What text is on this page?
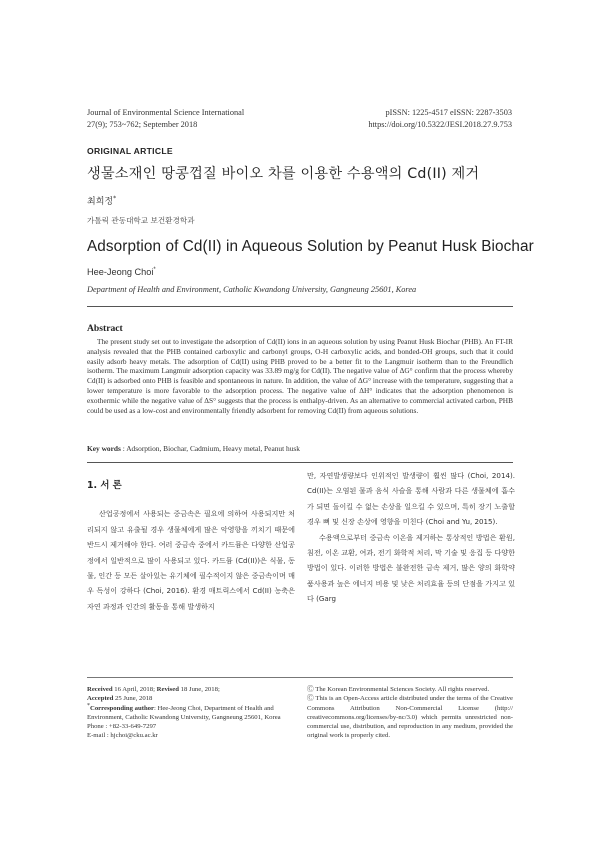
Journal of Environmental Science International
27(9); 753~762; September 2018
pISSN: 1225-4517 eISSN: 2287-3503
https://doi.org/10.5322/JESI.2018.27.9.753
ORIGINAL ARTICLE
생물소재인 땅콩껍질 바이오 차를 이용한 수용액의 Cd(II) 제거
최희정*
가톨릭 관동대학교 보건환경학과
Adsorption of Cd(II) in Aqueous Solution by Peanut Husk Biochar
Hee-Jeong Choi*
Department of Health and Environment, Catholic Kwandong University, Gangneung 25601, Korea
Abstract
The present study set out to investigate the adsorption of Cd(II) ions in an aqueous solution by using Peanut Husk Biochar (PHB). An FT-IR analysis revealed that the PHB contained carboxylic and carbonyl groups, O-H carboxylic acids, and bonded-OH groups, such that it could easily adsorb heavy metals. The adsorption of Cd(II) using PHB proved to be a better fit to the Langmuir isotherm than to the Freundlich isotherm. The maximum Langmuir adsorption capacity was 33.89 mg/g for Cd(II). The negative value of ΔG° confirm that the process whereby Cd(II) is adsorbed onto PHB is feasible and spontaneous in nature. In addition, the value of ΔG° increase with the temperature, suggesting that a lower temperature is more favorable to the adsorption process. The negative value of ΔH° indicates that the adsorption phenomenon is exothermic while the negative value of ΔS° suggests that the process is enthalpy-driven. As an alternative to commercial activated carbon, PHB could be used as a low-cost and environmentally friendly adsorbent for removing Cd(II) from aqueous solutions.
Key words : Adsorption, Biochar, Cadmium, Heavy metal, Peanut husk
1. 서 론
산업공정에서 사용되는 중금속은 필요에 의하여 사용되지만 처리되지 않고 유출될 경우 생물체에게 많은 악영향을 끼치기 때문에 반드시 제거해야 한다. 여러 중금속 중에서 카드뮴은 다양한 산업공정에서 일반적으로 많이 사용되고 있다. 카드뮴 (Cd(II))은 식물, 동물, 인간 등 모든 살아있는 유기체에 필수적이지 않은 중금속이며 매우 독성이 강하다 (Choi, 2016). 환경 매트릭스에서 Cd(II) 농축은 자연 과정과 인간의 활동을 통해 발생하지
만, 자연발생량보다 인위적인 발생량이 훨씬 많다 (Choi, 2014). Cd(II)는 오염된 물과 음식 사슬을 통해 사람과 다른 생물체에 흡수가 되면 돌이킬 수 없는 손상을 일으킬 수 있으며, 특히 장기 노출할 경우 뼈 및 신장 손상에 영향을 미친다 (Choi and Yu, 2015).
수용액으로부터 중금속 이온을 제거하는 통상적인 방법은 환원, 침전, 이온 교환, 여과, 전기 화학적 처리, 막 기술 및 응집 등 다양한 방법이 있다. 이러한 방법은 불완전한 금속 제거, 많은 양의 화학약품사용과 높은 에너지 비용 및 낮은 처리효율 등의 단점을 가지고 있다 (Garg
Received 16 April, 2018; Revised 18 June, 2018;
Accepted 25 June, 2018
*Corresponding author: Hee-Jeong Choi, Department of Health and Environment, Catholic Kwandong University, Gangneung 25601, Korea
Phone : +82-33-649-7297
E-mail : hjchoi@cku.ac.kr
Ⓒ The Korean Environmental Sciences Society. All rights reserved.
Ⓒ This is an Open-Access article distributed under the terms of the Creative Commons Attribution Non-Commercial License (http:// creativecommons.org/licenses/by-nc/3.0) which permits unrestricted non-commercial use, distribution, and reproduction in any medium, provided the original work is properly cited.
